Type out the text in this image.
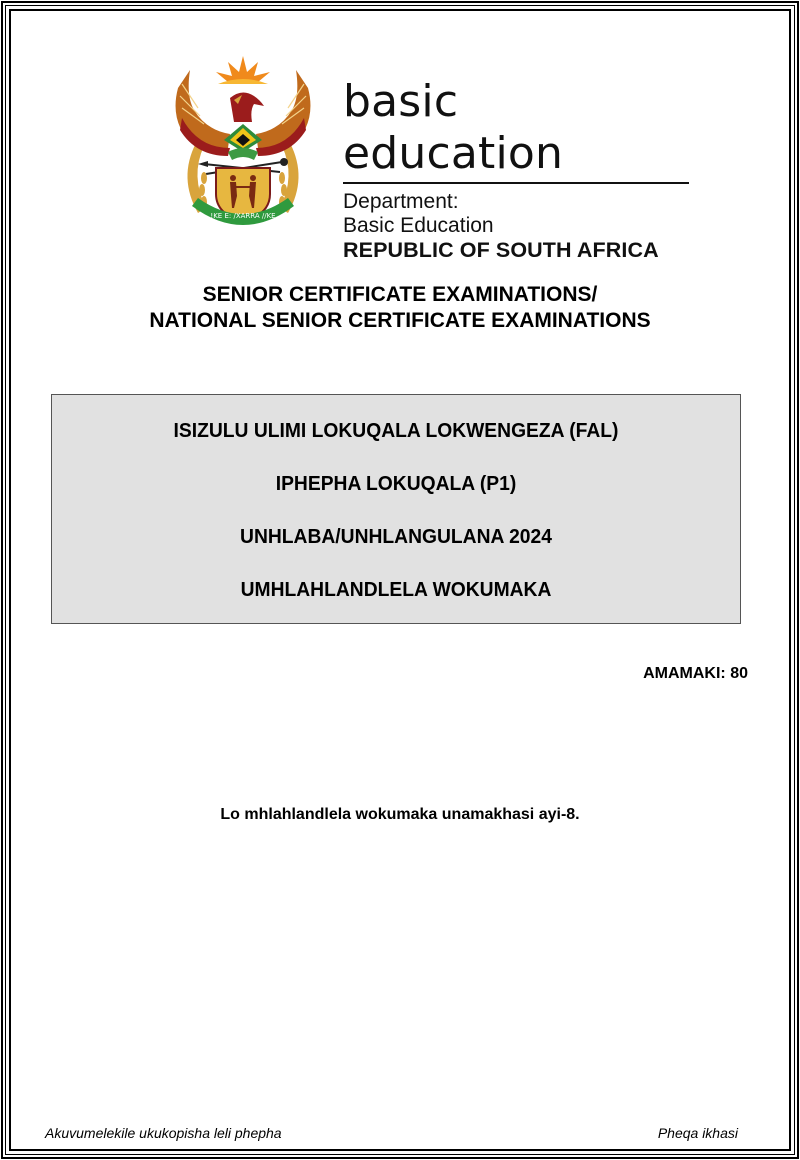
!KE E: /XARRA //KE
basic education
Department:
Basic Education
REPUBLIC OF SOUTH AFRICA
SENIOR CERTIFICATE EXAMINATIONS/
NATIONAL SENIOR CERTIFICATE EXAMINATIONS
ISIZULU ULIMI LOKUQALA LOKWENGEZA (FAL)
IPHEPHA LOKUQALA (P1)
UNHLABA/UNHLANGULANA 2024
UMHLAHLANDLELA WOKUMAKA
AMAMAKI: 80
Lo mhlahlandlela wokumaka unamakhasi ayi-8.
Akuvumelekile ukukopisha leli phepha	Pheqa ikhasi
